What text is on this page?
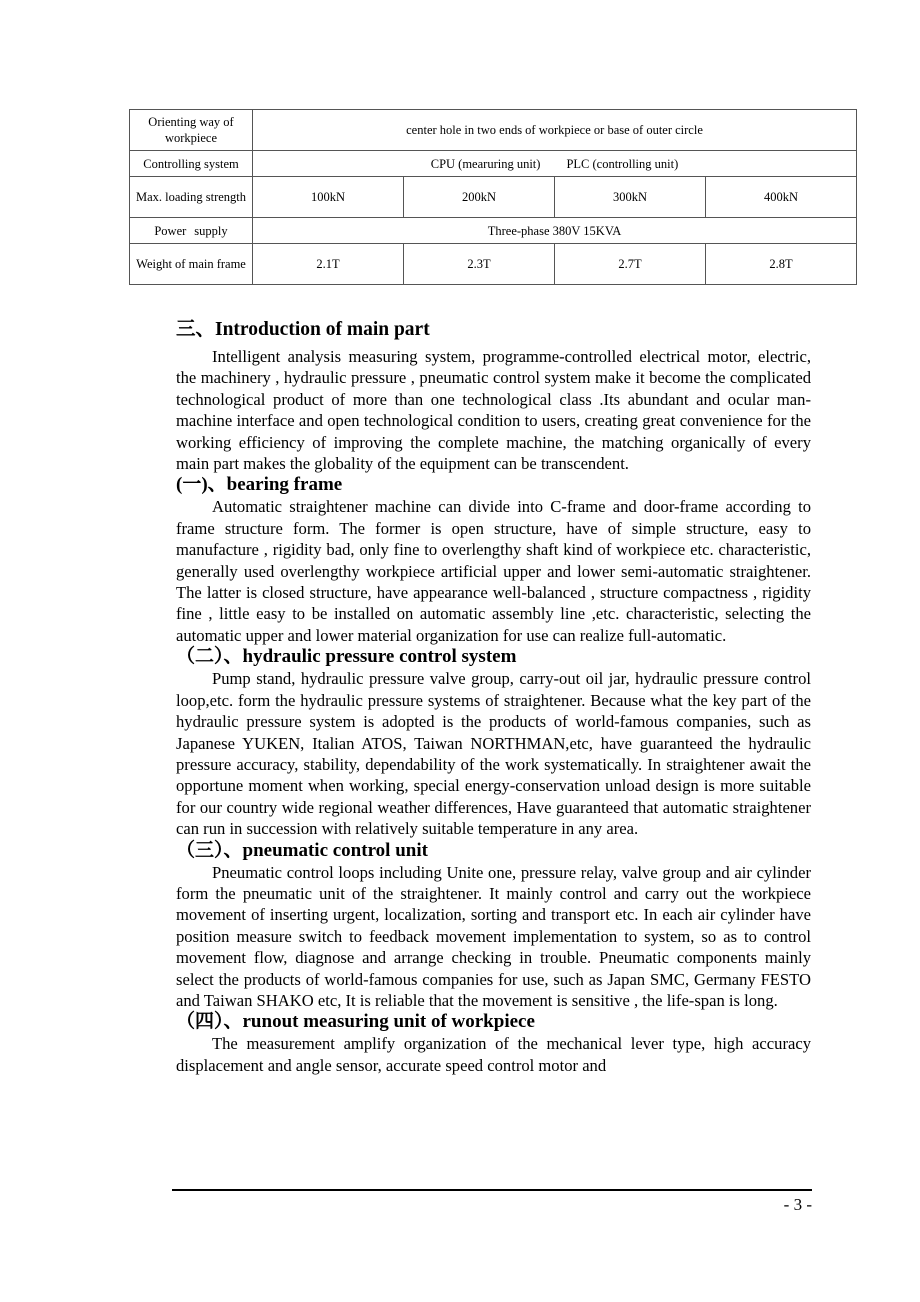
Orienting way of workpiece	center hole in two ends of workpiece or base of outer circle			
Controlling system	CPU (mearuring unit) PLC (controlling unit)			
Max. loading strength	100kN	200kN	300kN	400kN
Power supply	Three-phase 380V 15KVA			
Weight of main frame	2.1T	2.3T	2.7T	2.8T
三、Introduction of main part

Intelligent analysis measuring system, programme-controlled electrical motor, electric, the machinery , hydraulic pressure , pneumatic control system make it become the complicated technological product of more than one technological class .Its abundant and ocular man-machine interface and open technological condition to users, creating great convenience for the working efficiency of improving the complete machine, the matching organically of every main part makes the globality of the equipment can be transcendent.

(一)、bearing frame

Automatic straightener machine can divide into C-frame and door-frame according to frame structure form. The former is open structure, have of simple structure, easy to manufacture , rigidity bad, only fine to overlengthy shaft kind of workpiece etc. characteristic, generally used overlengthy workpiece artificial upper and lower semi-automatic straightener. The latter is closed structure, have appearance well-balanced , structure compactness , rigidity fine , little easy to be installed on automatic assembly line ,etc. characteristic, selecting the automatic upper and lower material organization for use can realize full-automatic.

（二）、hydraulic pressure control system

Pump stand, hydraulic pressure valve group, carry-out oil jar, hydraulic pressure control loop,etc. form the hydraulic pressure systems of straightener. Because what the key part of the hydraulic pressure system is adopted is the products of world-famous companies, such as Japanese YUKEN, Italian ATOS, Taiwan NORTHMAN,etc, have guaranteed the hydraulic pressure accuracy, stability, dependability of the work systematically. In straightener await the opportune moment when working, special energy-conservation unload design is more suitable for our country wide regional weather differences, Have guaranteed that automatic straightener can run in succession with relatively suitable temperature in any area.

（三）、pneumatic control unit

Pneumatic control loops including Unite one, pressure relay, valve group and air cylinder form the pneumatic unit of the straightener. It mainly control and carry out the workpiece movement of inserting urgent, localization, sorting and transport etc. In each air cylinder have position measure switch to feedback movement implementation to system, so as to control movement flow, diagnose and arrange checking in trouble. Pneumatic components mainly select the products of world-famous companies for use, such as Japan SMC, Germany FESTO and Taiwan SHAKO etc, It is reliable that the movement is sensitive , the life-span is long.

（四）、runout measuring unit of workpiece

The measurement amplify organization of the mechanical lever type, high accuracy displacement and angle sensor, accurate speed control motor and

- 3 -
